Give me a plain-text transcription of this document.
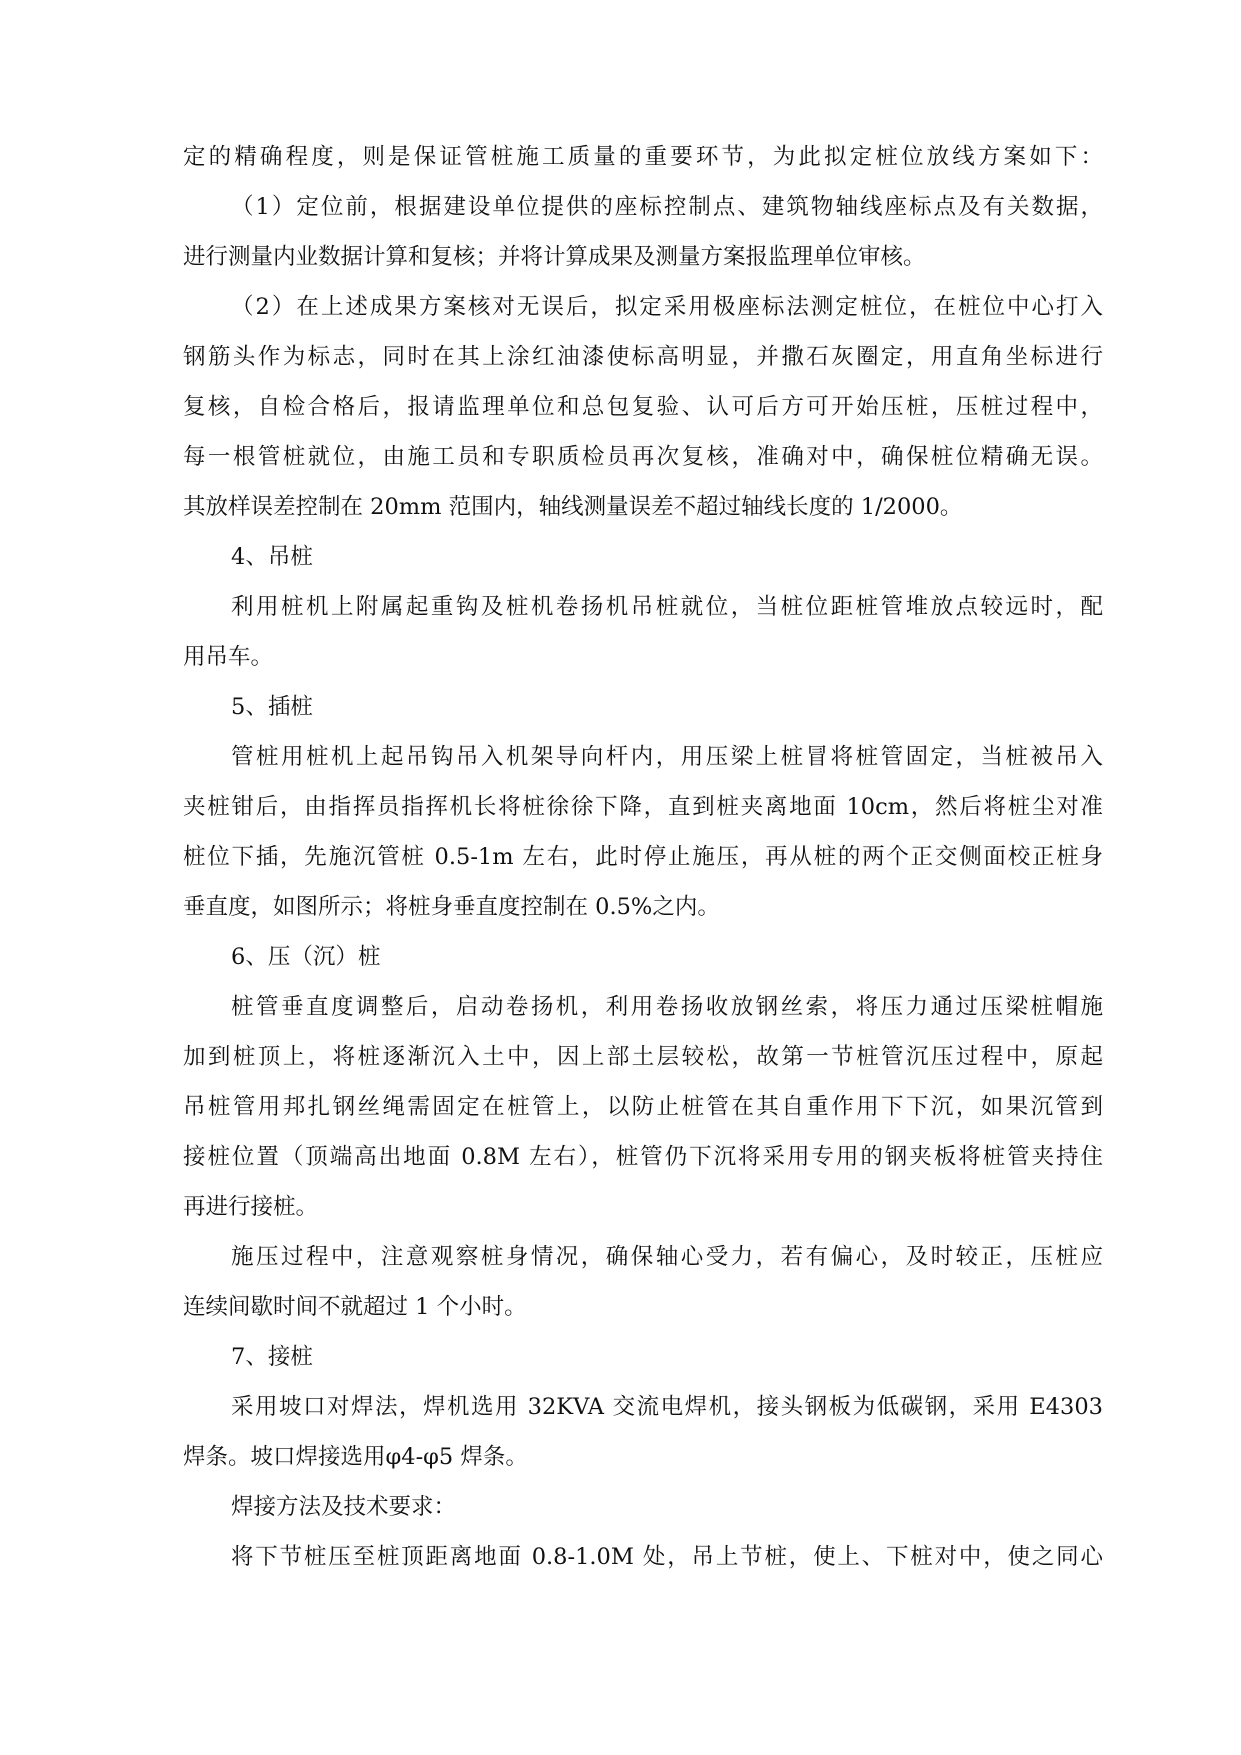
定的精确程度，则是保证管桩施工质量的重要环节，为此拟定桩位放线方案如下：
（1）定位前，根据建设单位提供的座标控制点、建筑物轴线座标点及有关数据，
进行测量内业数据计算和复核；并将计算成果及测量方案报监理单位审核。
（2）在上述成果方案核对无误后，拟定采用极座标法测定桩位，在桩位中心打入
钢筋头作为标志，同时在其上涂红油漆使标高明显，并撒石灰圈定，用直角坐标进行
复核，自检合格后，报请监理单位和总包复验、认可后方可开始压桩，压桩过程中，
每一根管桩就位，由施工员和专职质检员再次复核，准确对中，确保桩位精确无误。
其放样误差控制在 20mm 范围内，轴线测量误差不超过轴线长度的 1/2000。
4、吊桩
利用桩机上附属起重钩及桩机卷扬机吊桩就位，当桩位距桩管堆放点较远时，配
用吊车。
5、插桩
管桩用桩机上起吊钩吊入机架导向杆内，用压梁上桩冒将桩管固定，当桩被吊入
夹桩钳后，由指挥员指挥机长将桩徐徐下降，直到桩夹离地面 10cm，然后将桩尘对准
桩位下插，先施沉管桩 0.5-1m 左右，此时停止施压，再从桩的两个正交侧面校正桩身
垂直度，如图所示；将桩身垂直度控制在 0.5%之内。
6、压（沉）桩
桩管垂直度调整后，启动卷扬机，利用卷扬收放钢丝索，将压力通过压梁桩帽施
加到桩顶上，将桩逐渐沉入土中，因上部土层较松，故第一节桩管沉压过程中，原起
吊桩管用邦扎钢丝绳需固定在桩管上，以防止桩管在其自重作用下下沉，如果沉管到
接桩位置（顶端高出地面 0.8M 左右），桩管仍下沉将采用专用的钢夹板将桩管夹持住
再进行接桩。
施压过程中，注意观察桩身情况，确保轴心受力，若有偏心，及时较正，压桩应
连续间歇时间不就超过 1 个小时。
7、接桩
采用坡口对焊法，焊机选用 32KVA 交流电焊机，接头钢板为低碳钢，采用 E4303
焊条。坡口焊接选用φ4-φ5 焊条。
焊接方法及技术要求：
将下节桩压至桩顶距离地面 0.8-1.0M 处，吊上节桩，使上、下桩对中，使之同心
